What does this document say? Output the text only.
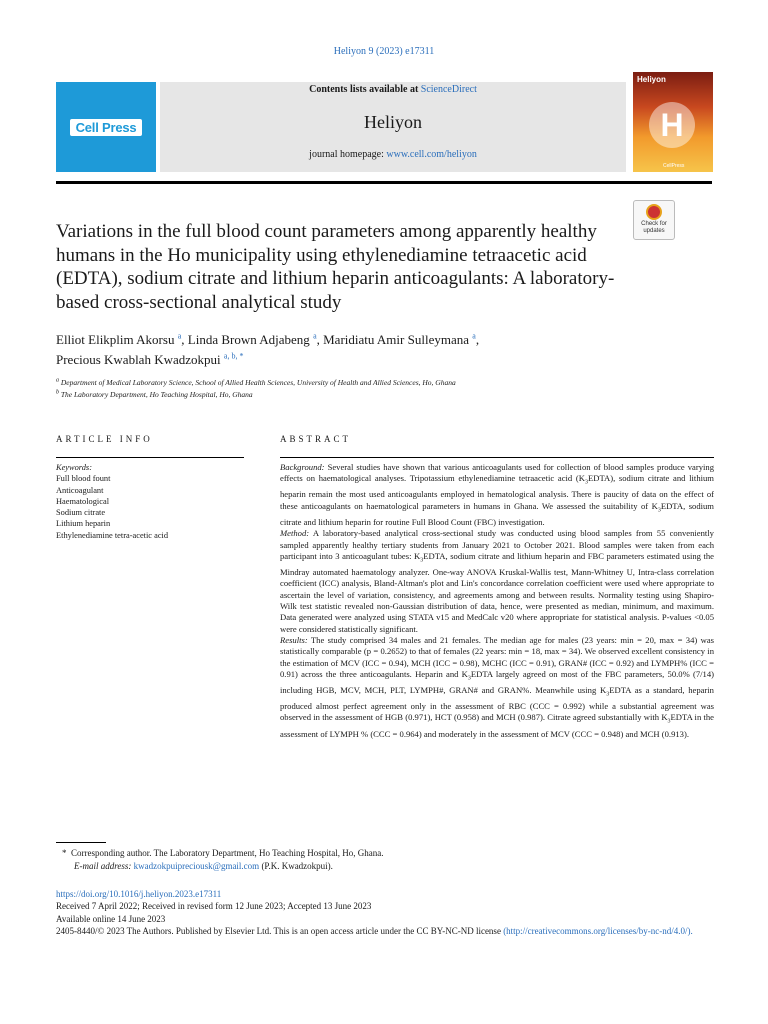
Heliyon 9 (2023) e17311
Cell Press
Contents lists available at ScienceDirect
Heliyon
journal homepage: www.cell.com/heliyon
Heliyon
H
CellPress
Check for
updates
Variations in the full blood count parameters among apparently healthy humans in the Ho municipality using ethylenediamine tetraacetic acid (EDTA), sodium citrate and lithium heparin anticoagulants: A laboratory-based cross-sectional analytical study
Elliot Elikplim Akorsu $^a$, Linda Brown Adjabeng $^a$, Maridiatu Amir Sulleymana $^a$,
Precious Kwablah Kwadzokpui $^{a, b, *}$
$^a$ Department of Medical Laboratory Science, School of Allied Health Sciences, University of Health and Allied Sciences, Ho, Ghana
$^b$ The Laboratory Department, Ho Teaching Hospital, Ho, Ghana
ARTICLE INFO	ABSTRACT
Keywords:
Full blood fount
Anticoagulant
Haematological
Sodium citrate
Lithium heparin
Ethylenediamine tetra-acetic acid

Background: Several studies have shown that various anticoagulants used for collection of blood samples produce varying effects on haematological analyses. Tripotassium ethylenediamine tetraacetic acid $(K_3EDTA)$, sodium citrate and lithium heparin remain the most used anticoagulants employed in hematological analysis. There is paucity of data on the effect of these anticoagulants on haematological parameters in humans in Ghana. We assessed the suitability of $K_3EDTA$, sodium citrate and lithium heparin for routine Full Blood Count (FBC) investigation.

Method: A laboratory-based analytical cross-sectional study was conducted using blood samples from 55 conveniently sampled apparently healthy tertiary students from January 2021 to October 2021. Blood samples were taken from each participant into 3 anticoagulant tubes: $K_3EDTA$, sodium citrate and lithium heparin and FBC parameters estimated using the Mindray automated haematology analyzer. One-way ANOVA Kruskal-Wallis test, Mann-Whitney U, Intra-class correlation coefficient (ICC) analysis, Bland-Altman's plot and Lin's concordance correlation coefficient were used where appropriate to ascertain the level of variation, consistency, and agreements among and between results. Normality testing using Shapiro-Wilk test statistic revealed non-Gaussian distribution of data, hence, were presented as median, minimum, and maximum. Data generated were analyzed using STATA v15 and MedCalc v20 where appropriate for statistical analysis. P-values <0.05 were considered statistically significant.

Results: The study comprised 34 males and 21 females. The median age for males (23 years: min = 20, max = 34) was statistically comparable (p = 0.2652) to that of females (22 years: min = 18, max = 34). We observed excellent consistency in the estimation of MCV (ICC = 0.94), MCH (ICC = 0.98), MCHC (ICC = 0.91), GRAN# (ICC = 0.92) and LYMPH% (ICC = 0.91) across the three anticoagulants. Heparin and $K_3EDTA$ largely agreed on most of the FBC parameters, 50.0% (7/14) including HGB, MCV, MCH, PLT, LYMPH#, GRAN# and GRAN%. Meanwhile using $K_3EDTA$ as a standard, heparin produced almost perfect agreement only in the assessment of RBC (CCC = 0.992) while a substantial agreement was observed in the assessment of HGB (0.971), HCT (0.958) and MCH (0.987). Citrate agreed substantially with $K_3EDTA$ in the assessment of LYMPH % (CCC = 0.964) and moderately in the assessment of MCV (CCC = 0.948) and MCH (0.913).

* Corresponding author. The Laboratory Department, Ho Teaching Hospital, Ho, Ghana.
E-mail address: kwadzokpuipreciousk@gmail.com (P.K. Kwadzokpui).
https://doi.org/10.1016/j.heliyon.2023.e17311
Received 7 April 2022; Received in revised form 12 June 2023; Accepted 13 June 2023
Available online 14 June 2023
2405-8440/© 2023 The Authors. Published by Elsevier Ltd. This is an open access article under the CC BY-NC-ND license (http://creativecommons.org/licenses/by-nc-nd/4.0/).
